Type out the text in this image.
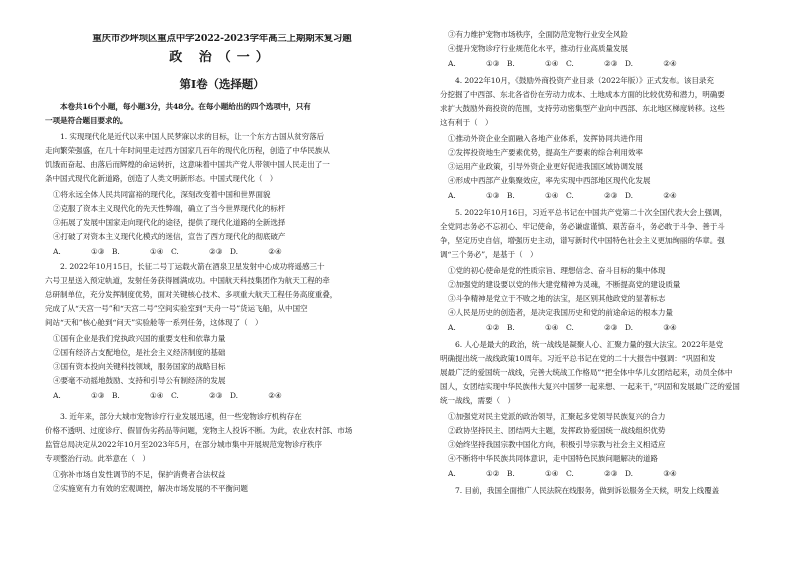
重庆市沙坪坝区重点中学2022-2023学年高三上期期末复习题
政 治（一）
第Ⅰ卷（选择题）
本卷共16个小题，每小题3分，共48分。在每小题给出的四个选项中，只有
一项是符合题目要求的。
1. 实现现代化是近代以来中国人民梦寐以求的目标，让一个东方古国从贫穷落后
走向繁荣强盛，在几十年时间里走过西方国家几百年的现代化历程，创造了中华民族从
饥饿而奋起、由落后而辉煌的命运转折，这意味着中国共产党人带领中国人民走出了一
条中国式现代化新道路，创造了人类文明新形态。中国式现代化（　）
①将永远全体人民共同富裕的现代化，深刻改变着中国和世界面貌
②克服了资本主义现代化的先天性弊端，确立了当今世界现代化的标杆
③拓展了发展中国家走向现代化的途径，提供了现代化道路的全新选择
④打破了对资本主义现代化模式的迷信，宣告了西方现代化的彻底破产
A. ①③　B. ①④　C. ②③　D. ②④
2. 2022年10月15日，长征二号丁运载火箭在酒泉卫星发射中心成功将遥感三十
六号卫星送入预定轨道，发射任务获得圆满成功。中国航天科技集团作为航天工程的牵
总研制单位，充分发挥制度优势，面对关键核心技术、多项重大航天工程任务高度重叠，
完成了从“天宫一号”和“天宫二号”空间实验室到“天舟一号”货运飞船，从中国空
间站“天和”核心舱到“问天”实验舱等一系列任务，这体现了（　）
①国有企业是我们党执政兴国的重要支柱和依靠力量
②国有经济占支配地位，是社会主义经济制度的基础
③国有资本投向关键科技领域，服务国家的战略目标
④要毫不动摇地鼓励、支持和引导公有制经济的发展
A. ①③　B. ①④　C. ②③　D. ②④
3. 近年来，部分大城市宠物诊疗行业发展迅速，但一些宠物诊疗机构存在
价格不透明、过度诊疗、假冒伪劣药品等问题，宠物主人投诉不断。为此，农业农村部、市场
监管总局决定从2022年10月至2023年5月，在部分城市集中开展规范宠物诊疗秩序
专项整治行动。此举意在（　）
①弥补市场自发性调节的不足，保护消费者合法权益
②实施宽有力有效的宏观调控，解决市场发展的不平衡问题
③有力维护宠物市场秩序，全面防范宠物行业安全风险
④提升宠物诊疗行业规范化水平，推动行业高质量发展
A. ①③　B. ①④　C. ②③　D. ②④
4. 2022年10月，《鼓励外商投资产业目录（2022年版）》正式发布。该目录充
分挖掘了中西部、东北各省份在劳动力成本、土地成本方面的比较优势和潜力，明确要
求扩大鼓励外商投资的范围，支持劳动密集型产业向中西部、东北地区梯度转移。这些
这有利于（　）
①推动外资企业全面融入各地产业体系，发挥协同共进作用
②发挥投资地生产要素优势，提高生产要素的综合利用效率
③运用产业政策，引导外资企业更好促进我国区域协调发展
④形成中西部产业集聚效应，率先实现中西部地区现代化发展
A. ①③　B. ①④　C. ②③　D. ②④
5. 2022年10月16日，习近平总书记在中国共产党第二十次全国代表大会上强调，
全党同志务必不忘初心、牢记使命，务必谦虚谨慎、艰苦奋斗，务必敢于斗争、善于斗
争，坚定历史自信，增强历史主动，谱写新时代中国特色社会主义更加绚丽的华章。强
调“三个务必”，是基于（　）
①党的初心使命是党的性质宗旨、理想信念、奋斗目标的集中体现
②加强党的建设要以党的伟大建党精神为灵魂，不断提高党的建设质量
③斗争精神是党立于不败之地的法宝，是区别其他政党的显著标志
④人民是历史的创造者，是决定我国历史和党的前途命运的根本力量
A. ①②　B. ①④　C. ②③　D. ③④
6. 人心是最大的政治，统一战线是凝聚人心、汇聚力量的强大法宝。2022年是党
明确提出统一战线政策10周年。习近平总书记在党的二十大报告中强调：“巩固和发
展最广泛的爱国统一战线，完善大统战工作格局”“把全体中华儿女团结起来，动员全体中
国人，女团结实现中华民族伟大复兴中国梦一起来想、一起来干，”巩固和发展最广泛的爱国
统一战线，需要（　）
①加强党对民主党派的政治领导，汇聚起多党领导民族复兴的合力
②政协坚持民主、团结两大主题，发挥政协爱国统一战线组织优势
③始终坚持我国宗教中国化方向，积极引导宗教与社会主义相适应
④不断将中华民族共同体意识，走中国特色民族问题解决的道路
A. ①②　B. ①④　C. ②③　D. ③④
7. 目前，我国全面推广人民法院在线服务，做到诉讼服务全天候，明发上线覆盖
